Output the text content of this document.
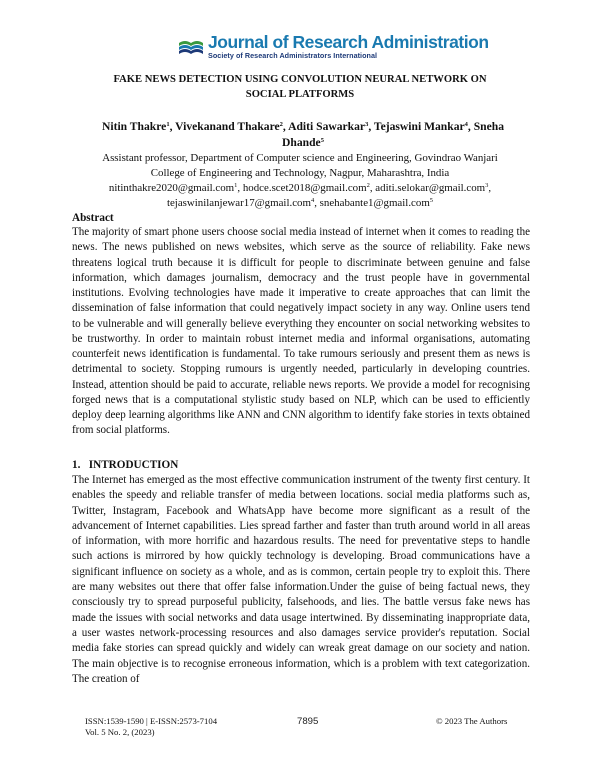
Journal of Research Administration
Society of Research Administrators International
FAKE NEWS DETECTION USING CONVOLUTION NEURAL NETWORK ON
SOCIAL PLATFORMS
Nitin Thakre$^1$, Vivekanand Thakare$^2$, Aditi Sawarkar$^3$, Tejaswini Mankar$^4$, Sneha Dhande$^5$
Assistant professor, Department of Computer science and Engineering, Govindrao Wanjari
College of Engineering and Technology, Nagpur, Maharashtra, India
nitinthakre2020@gmail.com$^1$, hodce.scet2018@gmail.com$^2$, aditi.selokar@gmail.com$^3$,
tejaswinilanjewar17@gmail.com$^4$, snehabante1@gmail.com$^5$
Abstract

The majority of smart phone users choose social media instead of internet when it comes to reading the news. The news published on news websites, which serve as the source of reliability. Fake news threatens logical truth because it is difficult for people to discriminate between genuine and false information, which damages journalism, democracy and the trust people have in governmental institutions. Evolving technologies have made it imperative to create approaches that can limit the dissemination of false information that could negatively impact society in any way. Online users tend to be vulnerable and will generally believe everything they encounter on social networking websites to be trustworthy. In order to maintain robust internet media and informal organisations, automating counterfeit news identification is fundamental. To take rumours seriously and present them as news is detrimental to society. Stopping rumours is urgently needed, particularly in developing countries. Instead, attention should be paid to accurate, reliable news reports. We provide a model for recognising forged news that is a computational stylistic study based on NLP, which can be used to efficiently deploy deep learning algorithms like ANN and CNN algorithm to identify fake stories in texts obtained from social platforms.

1.   INTRODUCTION

The Internet has emerged as the most effective communication instrument of the twenty first century. It enables the speedy and reliable transfer of media between locations. social media platforms such as, Twitter, Instagram, Facebook and WhatsApp have become more significant as a result of the advancement of Internet capabilities. Lies spread farther and faster than truth around world in all areas of information, with more horrific and hazardous results. The need for preventative steps to handle such actions is mirrored by how quickly technology is developing. Broad communications have a significant influence on society as a whole, and as is common, certain people try to exploit this. There are many websites out there that offer false information.Under the guise of being factual news, they consciously try to spread purposeful publicity, falsehoods, and lies. The battle versus fake news has made the issues with social networks and data usage intertwined. By disseminating inappropriate data, a user wastes network-processing resources and also damages service provider's reputation. Social media fake stories can spread quickly and widely can wreak great damage on our society and nation. The main objective is to recognise erroneous information, which is a problem with text categorization. The creation of

ISSN:1539-1590 | E-ISSN:2573-7104
Vol. 5 No. 2, (2023)
7895	© 2023 The Authors
